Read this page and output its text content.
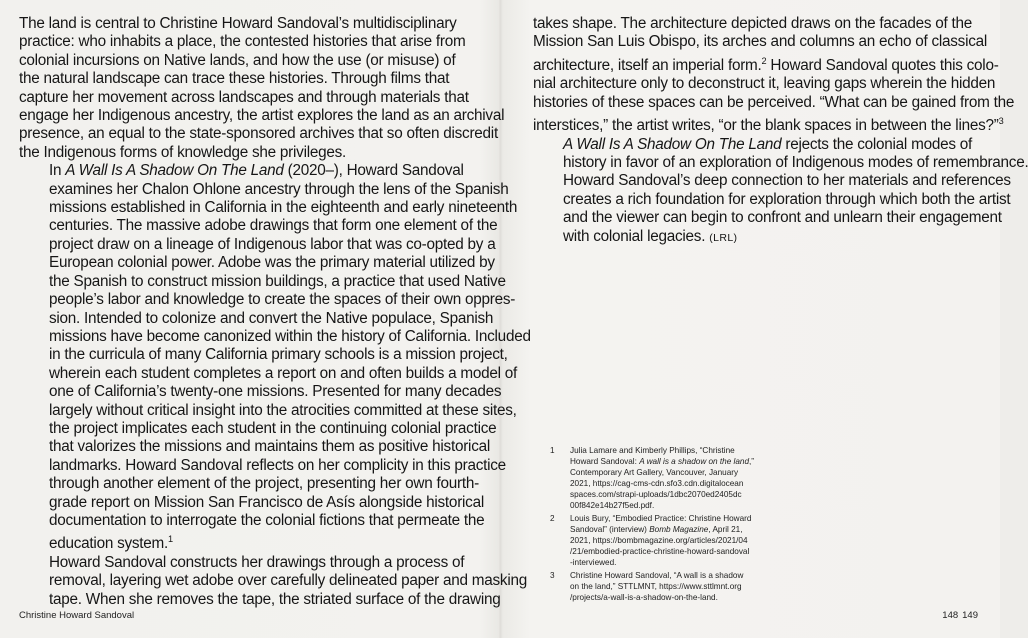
The land is central to Christine Howard Sandoval’s multidisciplinary
practice: who inhabits a place, the contested histories that arise from
colonial incursions on Native lands, and how the use (or misuse) of
the natural landscape can trace these histories. Through films that
capture her movement across landscapes and through materials that
engage her Indigenous ancestry, the artist explores the land as an archival
presence, an equal to the state-sponsored archives that so often discredit
the Indigenous forms of knowledge she privileges.

In A Wall Is A Shadow On The Land (2020–), Howard Sandoval
examines her Chalon Ohlone ancestry through the lens of the Spanish
missions established in California in the eighteenth and early nineteenth
centuries. The massive adobe drawings that form one element of the
project draw on a lineage of Indigenous labor that was co-opted by a
European colonial power. Adobe was the primary material utilized by
the Spanish to construct mission buildings, a practice that used Native
people’s labor and knowledge to create the spaces of their own oppres-
sion. Intended to colonize and convert the Native populace, Spanish
missions have become canonized within the history of California. Included
in the curricula of many California primary schools is a mission project,
wherein each student completes a report on and often builds a model of
one of California’s twenty-one missions. Presented for many decades
largely without critical insight into the atrocities committed at these sites,
the project implicates each student in the continuing colonial practice
that valorizes the missions and maintains them as positive historical
landmarks. Howard Sandoval reflects on her complicity in this practice
through another element of the project, presenting her own fourth-
grade report on Mission San Francisco de Asís alongside historical
documentation to interrogate the colonial fictions that permeate the
education system.$^1$

Howard Sandoval constructs her drawings through a process of
removal, layering wet adobe over carefully delineated paper and masking
tape. When she removes the tape, the striated surface of the drawing

Christine Howard Sandoval

takes shape. The architecture depicted draws on the facades of the
Mission San Luis Obispo, its arches and columns an echo of classical
architecture, itself an imperial form.$^2$ Howard Sandoval quotes this colo-
nial architecture only to deconstruct it, leaving gaps wherein the hidden
histories of these spaces can be perceived. “What can be gained from the
interstices,” the artist writes, “or the blank spaces in between the lines?”$^3$

A Wall Is A Shadow On The Land rejects the colonial modes of
history in favor of an exploration of Indigenous modes of remembrance.
Howard Sandoval’s deep connection to her materials and references
creates a rich foundation for exploration through which both the artist
and the viewer can begin to confront and unlearn their engagement
with colonial legacies. (LRL)

1	Julia Lamare and Kimberly Phillips, “Christine
Howard Sandoval: A wall is a shadow on the land,”
Contemporary Art Gallery, Vancouver, January
2021, https://cag-cms-cdn.sfo3.cdn.digitalocean
spaces.com/strapi-uploads/1dbc2070ed2405dc
00f842e14b27f5ed.pdf.
2	Louis Bury, “Embodied Practice: Christine Howard
Sandoval” (interview) Bomb Magazine, April 21,
2021, https://bombmagazine.org/articles/2021/04
/21/embodied-practice-christine-howard-sandoval
-interviewed.
3	Christine Howard Sandoval, “A wall is a shadow
on the land,” STTLMNT, https://www.sttlmnt.org
/projects/a-wall-is-a-shadow-on-the-land.
148 149
